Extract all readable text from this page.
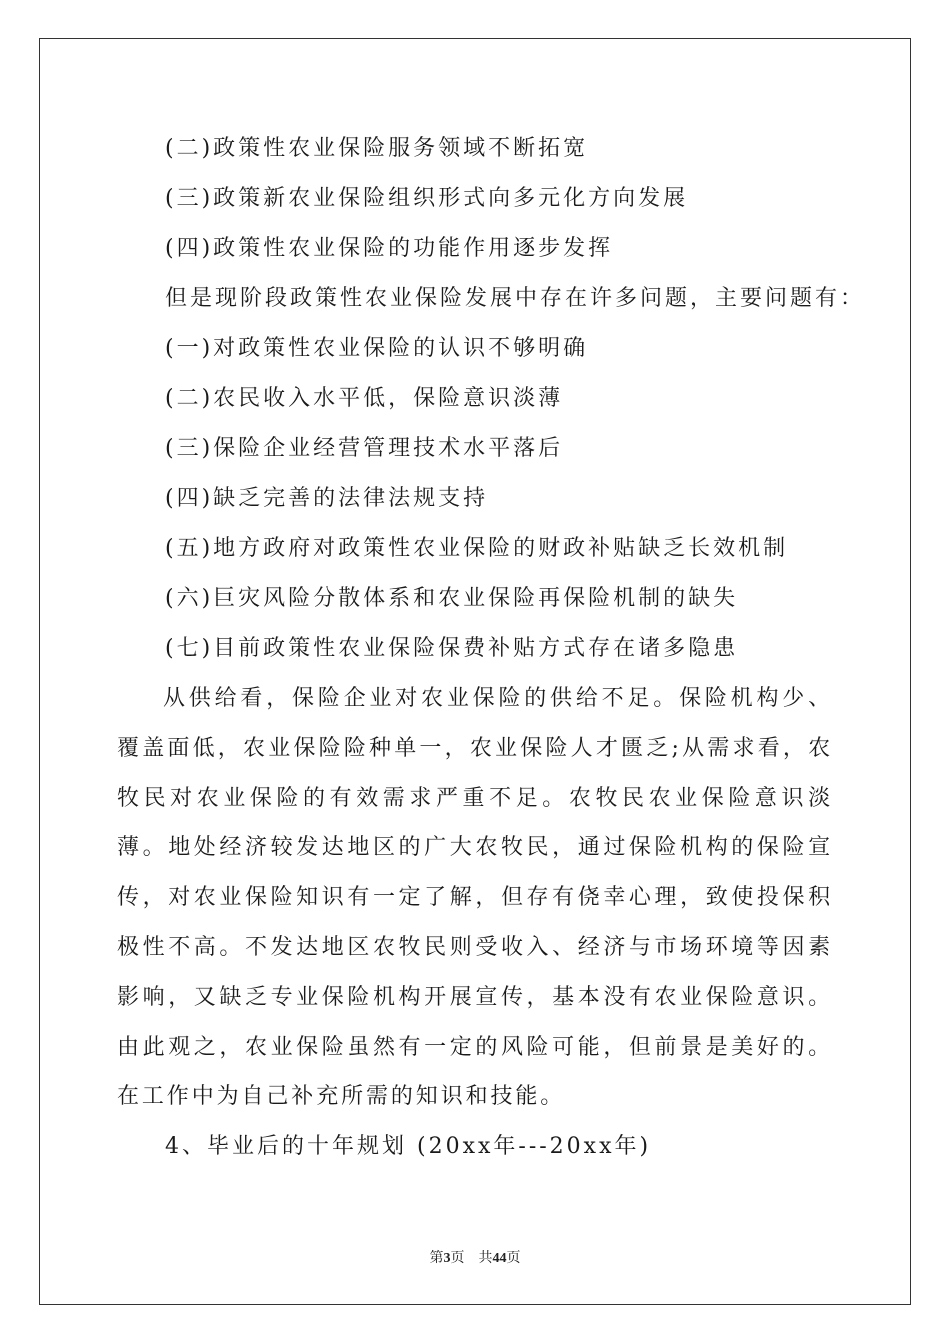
(二)政策性农业保险服务领域不断拓宽
(三)政策新农业保险组织形式向多元化方向发展
(四)政策性农业保险的功能作用逐步发挥
但是现阶段政策性农业保险发展中存在许多问题，主要问题有：
(一)对政策性农业保险的认识不够明确
(二)农民收入水平低，保险意识淡薄
(三)保险企业经营管理技术水平落后
(四)缺乏完善的法律法规支持
(五)地方政府对政策性农业保险的财政补贴缺乏长效机制
(六)巨灾风险分散体系和农业保险再保险机制的缺失
(七)目前政策性农业保险保费补贴方式存在诸多隐患

从供给看，保险企业对农业保险的供给不足。保险机构少、覆盖面低，农业保险险种单一，农业保险人才匮乏;从需求看，农牧民对农业保险的有效需求严重不足。农牧民农业保险意识淡薄。地处经济较发达地区的广大农牧民，通过保险机构的保险宣传，对农业保险知识有一定了解，但存有侥幸心理，致使投保积极性不高。不发达地区农牧民则受收入、经济与市场环境等因素影响，又缺乏专业保险机构开展宣传，基本没有农业保险意识。由此观之，农业保险虽然有一定的风险可能，但前景是美好的。在工作中为自己补充所需的知识和技能。

4、毕业后的十年规划 (20xx年---20xx年)
第3页　共44页
